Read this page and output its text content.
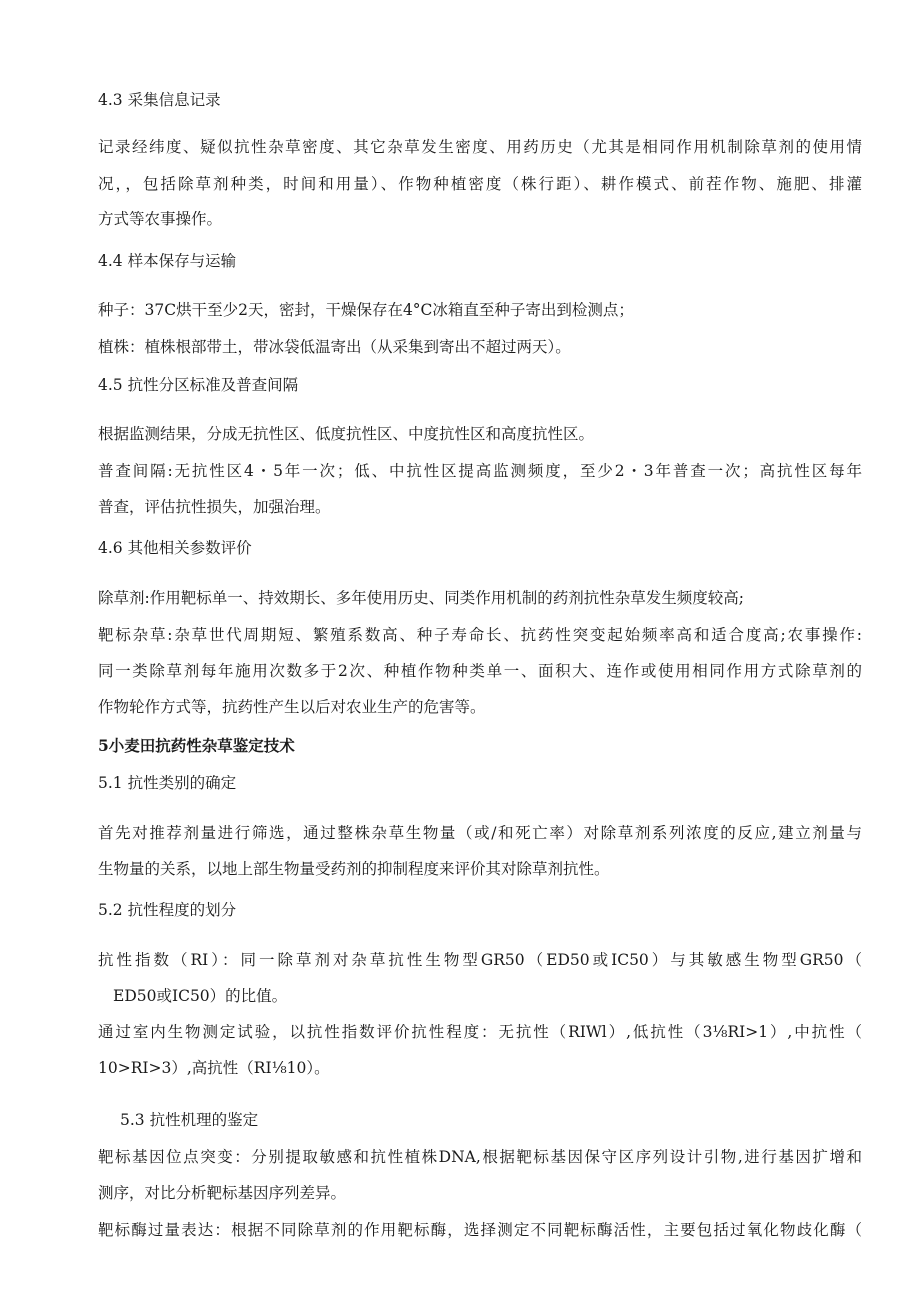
4.3 采集信息记录
记录经纬度、疑似抗性杂草密度、其它杂草发生密度、用药历史（尤其是相同作用机制除草剂的使用情
况，，包括除草剂种类，时间和用量）、作物种植密度（株行距）、耕作模式、前茬作物、施肥、排灌
方式等农事操作。
4.4 样本保存与运输
种子：37C烘干至少2天，密封，干燥保存在4°C冰箱直至种子寄出到检测点；
植株：植株根部带土，带冰袋低温寄出（从采集到寄出不超过两天）。
4.5 抗性分区标准及普查间隔
根据监测结果，分成无抗性区、低度抗性区、中度抗性区和高度抗性区。
普查间隔:无抗性区4・5年一次；低、中抗性区提高监测频度，至少2・3年普查一次；高抗性区每年
普查，评估抗性损失，加强治理。
4.6 其他相关参数评价
除草剂:作用靶标单一、持效期长、多年使用历史、同类作用机制的药剂抗性杂草发生频度较高;
靶标杂草:杂草世代周期短、繁殖系数高、种子寿命长、抗药性突变起始频率高和适合度高;农事操作:
同一类除草剂每年施用次数多于2次、种植作物种类单一、面积大、连作或使用相同作用方式除草剂的
作物轮作方式等，抗药性产生以后对农业生产的危害等。
5小麦田抗药性杂草鉴定技术
5.1 抗性类别的确定
首先对推荐剂量进行筛选，通过整株杂草生物量（或/和死亡率）对除草剂系列浓度的反应,建立剂量与
生物量的关系，以地上部生物量受药剂的抑制程度来评价其对除草剂抗性。
5.2 抗性程度的划分
抗性指数（RI）：同一除草剂对杂草抗性生物型GR50（ED50或IC50）与其敏感生物型GR50（
ED50或IC50）的比值。
通过室内生物测定试验，以抗性指数评价抗性程度：无抗性（RIWl）,低抗性（3⅛RI>1）,中抗性（
10>RI>3）,高抗性（RI⅛10）。
5.3 抗性机理的鉴定
靶标基因位点突变：分别提取敏感和抗性植株DNA,根据靶标基因保守区序列设计引物,进行基因扩增和
测序，对比分析靶标基因序列差异。
靶标酶过量表达：根据不同除草剂的作用靶标酶，选择测定不同靶标酶活性，主要包括过氧化物歧化酶（
